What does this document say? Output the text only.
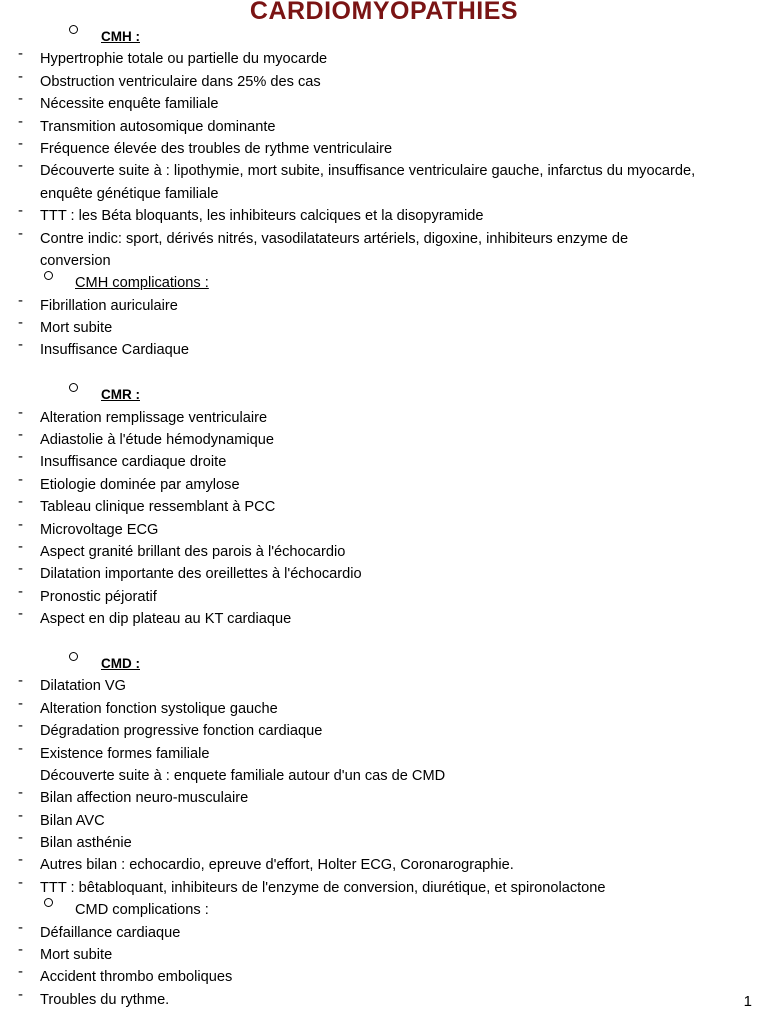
CARDIOMYOPATHIES
CMH :
- Hypertrophie totale ou partielle du myocarde
- Obstruction ventriculaire dans 25% des cas
- Nécessite enquête familiale
- Transmition autosomique dominante
- Fréquence élevée des troubles de rythme ventriculaire
- Découverte suite à : lipothymie, mort subite, insuffisance ventriculaire gauche, infarctus du myocarde,
enquête génétique familiale
- TTT : les Béta bloquants, les inhibiteurs calciques et la disopyramide
- Contre indic: sport, dérivés nitrés, vasodilatateurs artériels, digoxine, inhibiteurs enzyme de
conversion
CMH complications :
- Fibrillation auriculaire
- Mort subite
- Insuffisance Cardiaque
CMR :
- Alteration remplissage ventriculaire
- Adiastolie à l'étude hémodynamique
- Insuffisance cardiaque droite
- Etiologie dominée par amylose
- Tableau clinique ressemblant à PCC
- Microvoltage ECG
- Aspect granité brillant des parois à l'échocardio
- Dilatation importante des oreillettes à l'échocardio
- Pronostic péjoratif
- Aspect en dip plateau au KT cardiaque
CMD :
- Dilatation VG
- Alteration fonction systolique gauche
- Dégradation progressive fonction cardiaque
- Existence formes familiale
Découverte suite à : enquete familiale autour d'un cas de CMD
- Bilan affection neuro-musculaire
- Bilan AVC
- Bilan asthénie
- Autres bilan : echocardio, epreuve d'effort, Holter ECG, Coronarographie.
- TTT : bêtabloquant, inhibiteurs de l'enzyme de conversion, diurétique, et spironolactone
CMD complications :
- Défaillance cardiaque
- Mort subite
- Accident thrombo emboliques
- Troubles du rythme.	1
